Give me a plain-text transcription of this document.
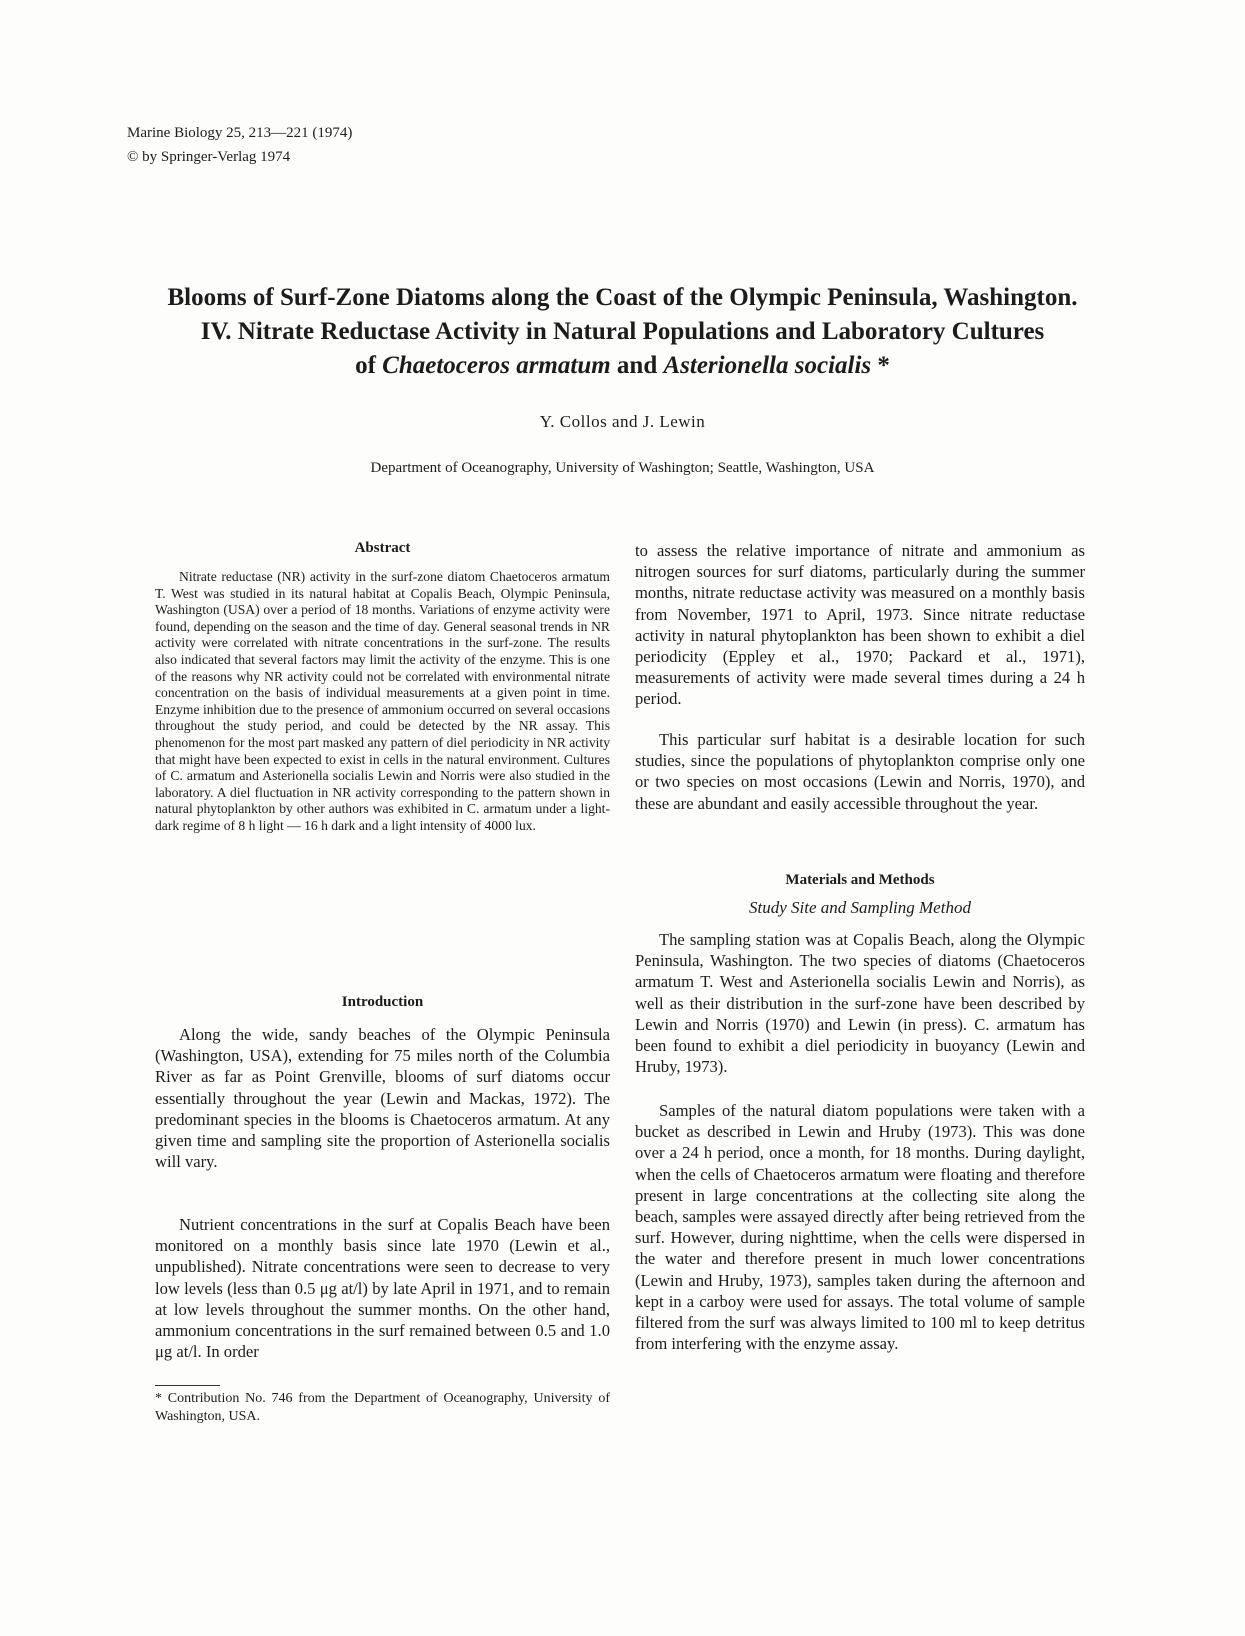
Marine Biology 25, 213—221 (1974)
© by Springer-Verlag 1974
Blooms of Surf-Zone Diatoms along the Coast of the Olympic Peninsula, Washington.
IV. Nitrate Reductase Activity in Natural Populations and Laboratory Cultures
of Chaetoceros armatum and Asterionella socialis *
Y. Collos and J. Lewin
Department of Oceanography, University of Washington; Seattle, Washington, USA
Abstract
Nitrate reductase (NR) activity in the surf-zone diatom Chaetoceros armatum T. West was studied in its natural habitat at Copalis Beach, Olympic Peninsula, Washington (USA) over a period of 18 months. Variations of enzyme activity were found, depending on the season and the time of day. General seasonal trends in NR activity were correlated with nitrate concentrations in the surf-zone. The results also indicated that several factors may limit the activity of the enzyme. This is one of the reasons why NR activity could not be correlated with environmental nitrate concentration on the basis of individual measurements at a given point in time. Enzyme inhibition due to the presence of ammonium occurred on several occasions throughout the study period, and could be detected by the NR assay. This phenomenon for the most part masked any pattern of diel periodicity in NR activity that might have been expected to exist in cells in the natural environment. Cultures of C. armatum and Asterionella socialis Lewin and Norris were also studied in the laboratory. A diel fluctuation in NR activity corresponding to the pattern shown in natural phytoplankton by other authors was exhibited in C. armatum under a light-dark regime of 8 h light — 16 h dark and a light intensity of 4000 lux.
Introduction
Along the wide, sandy beaches of the Olympic Peninsula (Washington, USA), extending for 75 miles north of the Columbia River as far as Point Grenville, blooms of surf diatoms occur essentially throughout the year (Lewin and Mackas, 1972). The predominant species in the blooms is Chaetoceros armatum. At any given time and sampling site the proportion of Asterionella socialis will vary.
Nutrient concentrations in the surf at Copalis Beach have been monitored on a monthly basis since late 1970 (Lewin et al., unpublished). Nitrate concentrations were seen to decrease to very low levels (less than 0.5 μg at/l) by late April in 1971, and to remain at low levels throughout the summer months. On the other hand, ammonium concentrations in the surf remained between 0.5 and 1.0 μg at/l. In order
* Contribution No. 746 from the Department of Oceanography, University of Washington, USA.
to assess the relative importance of nitrate and ammonium as nitrogen sources for surf diatoms, particularly during the summer months, nitrate reductase activity was measured on a monthly basis from November, 1971 to April, 1973. Since nitrate reductase activity in natural phytoplankton has been shown to exhibit a diel periodicity (Eppley et al., 1970; Packard et al., 1971), measurements of activity were made several times during a 24 h period.
This particular surf habitat is a desirable location for such studies, since the populations of phytoplankton comprise only one or two species on most occasions (Lewin and Norris, 1970), and these are abundant and easily accessible throughout the year.
Materials and Methods
Study Site and Sampling Method
The sampling station was at Copalis Beach, along the Olympic Peninsula, Washington. The two species of diatoms (Chaetoceros armatum T. West and Asterionella socialis Lewin and Norris), as well as their distribution in the surf-zone have been described by Lewin and Norris (1970) and Lewin (in press). C. armatum has been found to exhibit a diel periodicity in buoyancy (Lewin and Hruby, 1973).
Samples of the natural diatom populations were taken with a bucket as described in Lewin and Hruby (1973). This was done over a 24 h period, once a month, for 18 months. During daylight, when the cells of Chaetoceros armatum were floating and therefore present in large concentrations at the collecting site along the beach, samples were assayed directly after being retrieved from the surf. However, during nighttime, when the cells were dispersed in the water and therefore present in much lower concentrations (Lewin and Hruby, 1973), samples taken during the afternoon and kept in a carboy were used for assays. The total volume of sample filtered from the surf was always limited to 100 ml to keep detritus from interfering with the enzyme assay.
